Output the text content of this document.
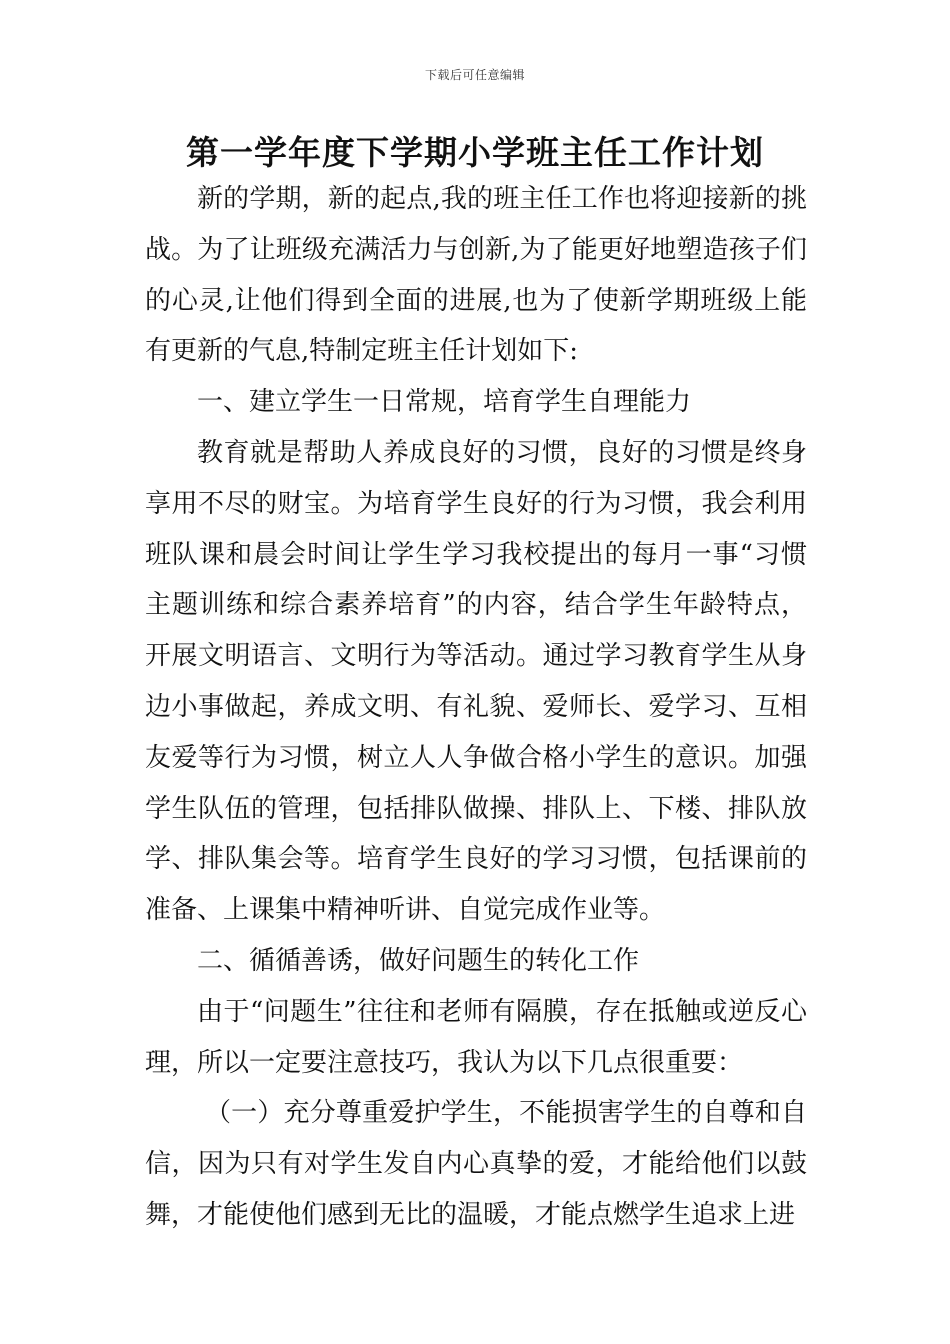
下载后可任意编辑
第一学年度下学期小学班主任工作计划

新的学期，新的起点,我的班主任工作也将迎接新的挑战。为了让班级充满活力与创新,为了能更好地塑造孩子们的心灵,让他们得到全面的进展,也为了使新学期班级上能有更新的气息,特制定班主任计划如下:

一、建立学生一日常规，培育学生自理能力

教育就是帮助人养成良好的习惯，良好的习惯是终身享用不尽的财宝。为培育学生良好的行为习惯，我会利用班队课和晨会时间让学生学习我校提出的每月一事“习惯主题训练和综合素养培育”的内容，结合学生年龄特点，开展文明语言、文明行为等活动。通过学习教育学生从身边小事做起，养成文明、有礼貌、爱师长、爱学习、互相友爱等行为习惯，树立人人争做合格小学生的意识。加强学生队伍的管理，包括排队做操、排队上、下楼、排队放学、排队集会等。培育学生良好的学习习惯，包括课前的准备、上课集中精神听讲、自觉完成作业等。

二、循循善诱，做好问题生的转化工作

由于“问题生”往往和老师有隔膜，存在抵触或逆反心理，所以一定要注意技巧，我认为以下几点很重要：

（一）充分尊重爱护学生，不能损害学生的自尊和自信，因为只有对学生发自内心真挚的爱，才能给他们以鼓舞，才能使他们感到无比的温暖，才能点燃学生追求上进
